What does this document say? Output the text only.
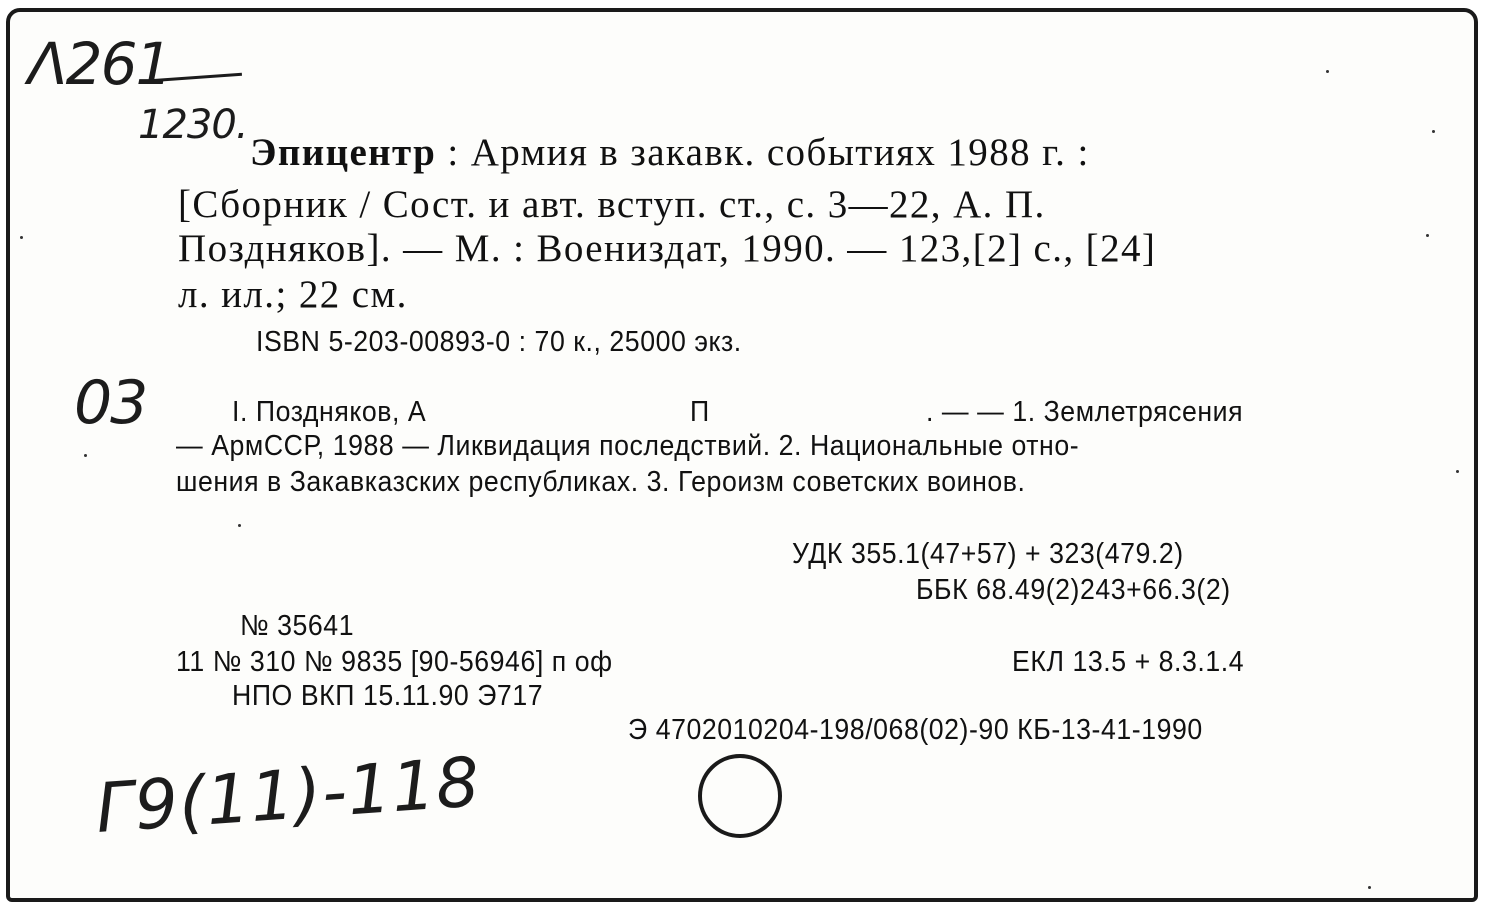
Λ261
1230.
03
Г9(11)-118
Эпицентр : Армия в закавк. событиях 1988 г. :
[Сборник / Сост. и авт. вступ. ст., с. 3—22, А. П.
Поздняков]. — М. : Воениздат, 1990. — 123,[2] с., [24]
л. ил.; 22 см.
ISBN 5-203-00893-0 : 70 к., 25000 экз.
I. Поздняков, А	П	. — — 1. Землетрясения
— АрмССР, 1988 — Ликвидация последствий. 2. Национальные отно-
шения в Закавказских республиках. 3. Героизм советских воинов.
УДК 355.1(47+57) + 323(479.2)
ББК 68.49(2)243+66.3(2)
№ 35641
11 № 310 № 9835 [90-56946] п оф	ЕКЛ 13.5 + 8.3.1.4
НПО ВКП 15.11.90 Э717
Э 4702010204-198/068(02)-90 КБ-13-41-1990
